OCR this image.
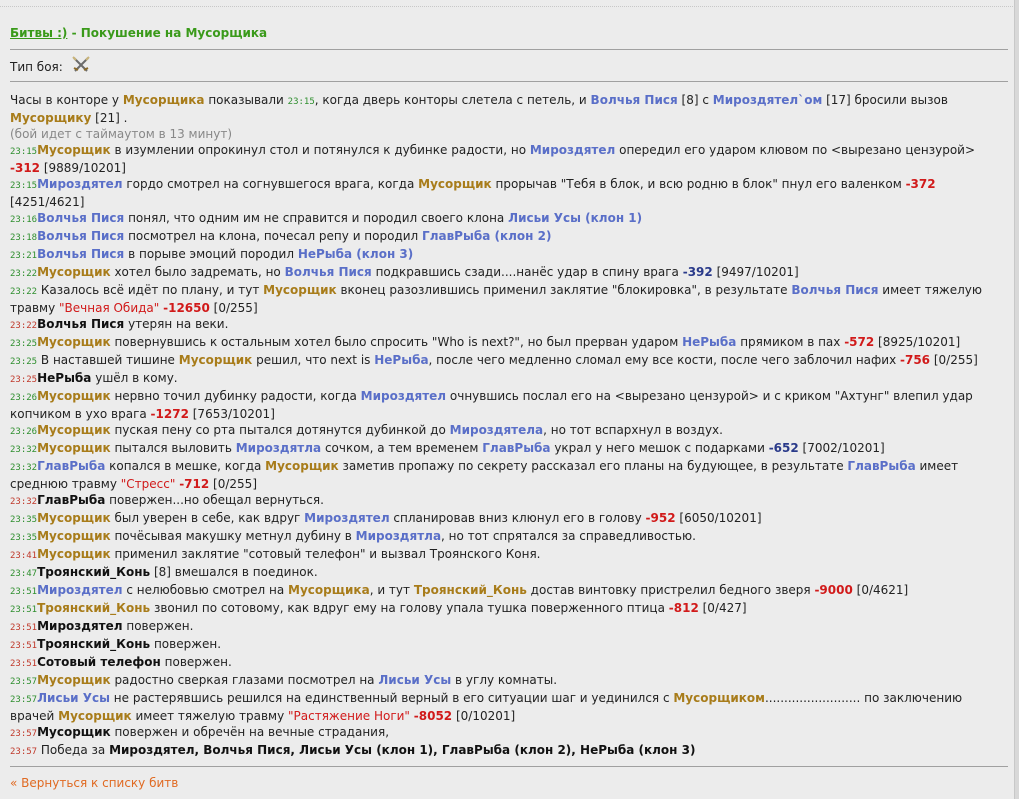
Битвы :) - Покушение на Мусорщика
Тип боя:

Часы в конторе у Мусорщика показывали 23:15, когда дверь конторы слетела с петель, и Волчья Пися [8] с Мироздятел`ом [17] бросили вызов Мусорщику [21] .

(бой идет с таймаутом в 13 минут)

23:15Мусорщик в изумлении опрокинул стол и потянулся к дубинке радости, но Мироздятел опередил его ударом клювом по <вырезано цензурой> -312 [9889/10201]

23:15Мироздятел гордо смотрел на согнувшегося врага, когда Мусорщик прорычав "Тебя в блок, и всю родню в блок" пнул его валенком -372 [4251/4621]

23:16Волчья Пися понял, что одним им не справится и породил своего клона Лисьи Усы (клон 1)

23:18Волчья Пися посмотрел на клона, почесал репу и породил ГлавРыба (клон 2)

23:21Волчья Пися в порыве эмоций породил НеРыба (клон 3)

23:22Мусорщик хотел было задремать, но Волчья Пися подкравшись сзади....нанёс удар в спину врага -392 [9497/10201]

23:22 Казалось всё идёт по плану, и тут Мусорщик вконец разозлившись применил заклятие "блокировка", в результате Волчья Пися имеет тяжелую травму "Вечная Обида" -12650 [0/255]

23:22Волчья Пися утерян на веки.

23:25Мусорщик повернувшись к остальным хотел было спросить "Who is next?", но был прерван ударом НеРыба прямиком в пах -572 [8925/10201]

23:25 В наставшей тишине Мусорщик решил, что next is НеРыба, после чего медленно сломал ему все кости, после чего заблочил нафих -756 [0/255]

23:25НеРыба ушёл в кому.

23:26Мусорщик нервно точил дубинку радости, когда Мироздятел очнувшись послал его на <вырезано цензурой> и с криком "Ахтунг" влепил удар копчиком в ухо врага -1272 [7653/10201]

23:26Мусорщик пуская пену со рта пытался дотянутся дубинкой до Мироздятела, но тот вспархнул в воздух.

23:32Мусорщик пытался выловить Мироздятла сочком, а тем временем ГлавРыба украл у него мешок с подарками -652 [7002/10201]

23:32ГлавРыба копался в мешке, когда Мусорщик заметив пропажу по секрету рассказал его планы на будующее, в результате ГлавРыба имеет среднюю травму "Стресс" -712 [0/255]

23:32ГлавРыба повержен...но обещал вернуться.

23:35Мусорщик был уверен в себе, как вдруг Мироздятел спланировав вниз клюнул его в голову -952 [6050/10201]

23:35Мусорщик почёсывая макушку метнул дубину в Мироздятла, но тот спрятался за справедливостью.

23:41Мусорщик применил заклятие "сотовый телефон" и вызвал Троянского Коня.

23:47Троянский_Конь [8] вмешался в поединок.

23:51Мироздятел с нелюбовью смотрел на Мусорщика, и тут Троянский_Конь достав винтовку пристрелил бедного зверя -9000 [0/4621]

23:51Троянский_Конь звонил по сотовому, как вдруг ему на голову упала тушка поверженного птица -812 [0/427]

23:51Мироздятел повержен.

23:51Троянский_Конь повержен.

23:51Сотовый телефон повержен.

23:57Мусорщик радостно сверкая глазами посмотрел на Лисьи Усы в углу комнаты.

23:57Лисьи Усы не растерявшись решился на единственный верный в его ситуации шаг и уединился с Мусорщиком......................... по заключению врачей Мусорщик имеет тяжелую травму "Растяжение Ноги" -8052 [0/10201]

23:57Мусорщик повержен и обречён на вечные страдания,

23:57 Победа за Мироздятел, Волчья Пися, Лисьи Усы (клон 1), ГлавРыба (клон 2), НеРыба (клон 3)

« Вернуться к списку битв
